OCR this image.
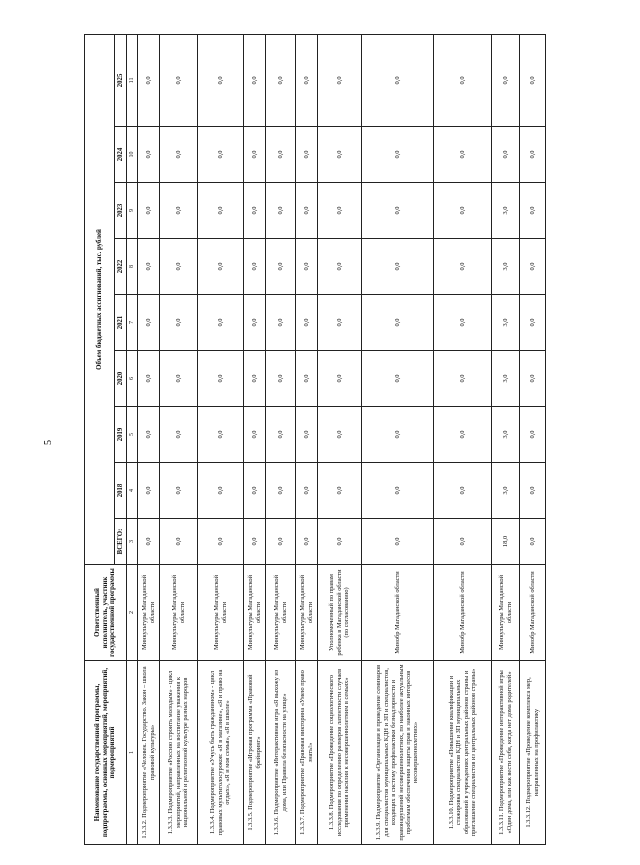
5
Наименование государственной программы, подпрограммы, основных мероприятий, мероприятий, подмероприятий	Ответственный исполнитель, участник государственной программы	Объем бюджетных ассигнований, тыс. рублей								
		ВСЕГО:	2018	2019	2020	2021	2022	2023	2024	2025
1	2	3	4	5	6	7	8	9	10	11
1.3.3.2. Подмероприятие «Человек. Государство. Закон – школа правовой культуры»	Минкультуры Магаданской области	0,0	0,0	0,0	0,0	0,0	0,0	0,0	0,0	0,0
1.3.3.3. Подмероприятие «Россию строить молодым» - цикл мероприятий, направленных на воспитание уважения к национальной и религиозной культуре разных народов	Минкультуры Магаданской области	0,0	0,0	0,0	0,0	0,0	0,0	0,0	0,0	0,0
1.3.3.4. Подмероприятие «Учусь быть гражданином» - цикл правовых мультиголосуроков: «Я в магазине», «Я и право на отдых», «Я и моя семья», «Я в школе»	Минкультуры Магаданской области	0,0	0,0	0,0	0,0	0,0	0,0	0,0	0,0	0,0
1.3.3.5. Подмероприятие «Игровая программа «Правовой брейнринг»	Минкультуры Магаданской области	0,0	0,0	0,0	0,0	0,0	0,0	0,0	0,0	0,0
1.3.3.6. Подмероприятие «Интерактивная игра «Я выхожу из дома, или Правила безопасности на улице»	Минкультуры Магаданской области	0,0	0,0	0,0	0,0	0,0	0,0	0,0	0,0	0,0
1.3.3.7. Подмероприятие «Правовая викторина «Умею право знать!»	Минкультуры Магаданской области	0,0	0,0	0,0	0,0	0,0	0,0	0,0	0,0	0,0
1.3.3.8. Подмероприятие «Проведение социологического исследования по определению размеров латентности случаев применения насилия к несовершеннолетним в семьях»	Уполномоченный по правам ребенка в Магаданской области (по согласованию)	0,0	0,0	0,0	0,0	0,0	0,0	0,0	0,0	0,0
1.3.3.9. Подмероприятие «Организация и проведение семинаров для специалистов муниципальных КДН и ЗП и специалистов, входящих в систему профилактики безнадзорности и правонарушений несовершеннолетних, по наиболее актуальным проблемам обеспечения защиты прав и законных интересов несовершеннолетних»	Минобр Магаданской области	0,0	0,0	0,0	0,0	0,0	0,0	0,0	0,0	0,0
1.3.3.10. Подмероприятие «Повышение квалификации и стажировка специалистов КДН и ЗП муниципальных образований в учреждениях центральных районов страны и приглашение специалистов из центральных районов страны»	Минобр Магаданской области	0,0	0,0	0,0	0,0	0,0	0,0	0,0	0,0	0,0
1.3.3.11. Подмероприятие «Проведение интерактивной игры «Один дома, или как вести себя, когда нет дома родителей»	Минкультуры Магаданской области	18,0	3,0	3,0	3,0	3,0	3,0	3,0	0,0	0,0
1.3.3.12. Подмероприятие «Проведение комплекса мер, направленных на профилактику	Минобр Магаданской области	0,0	0,0	0,0	0,0	0,0	0,0	0,0	0,0	0,0
